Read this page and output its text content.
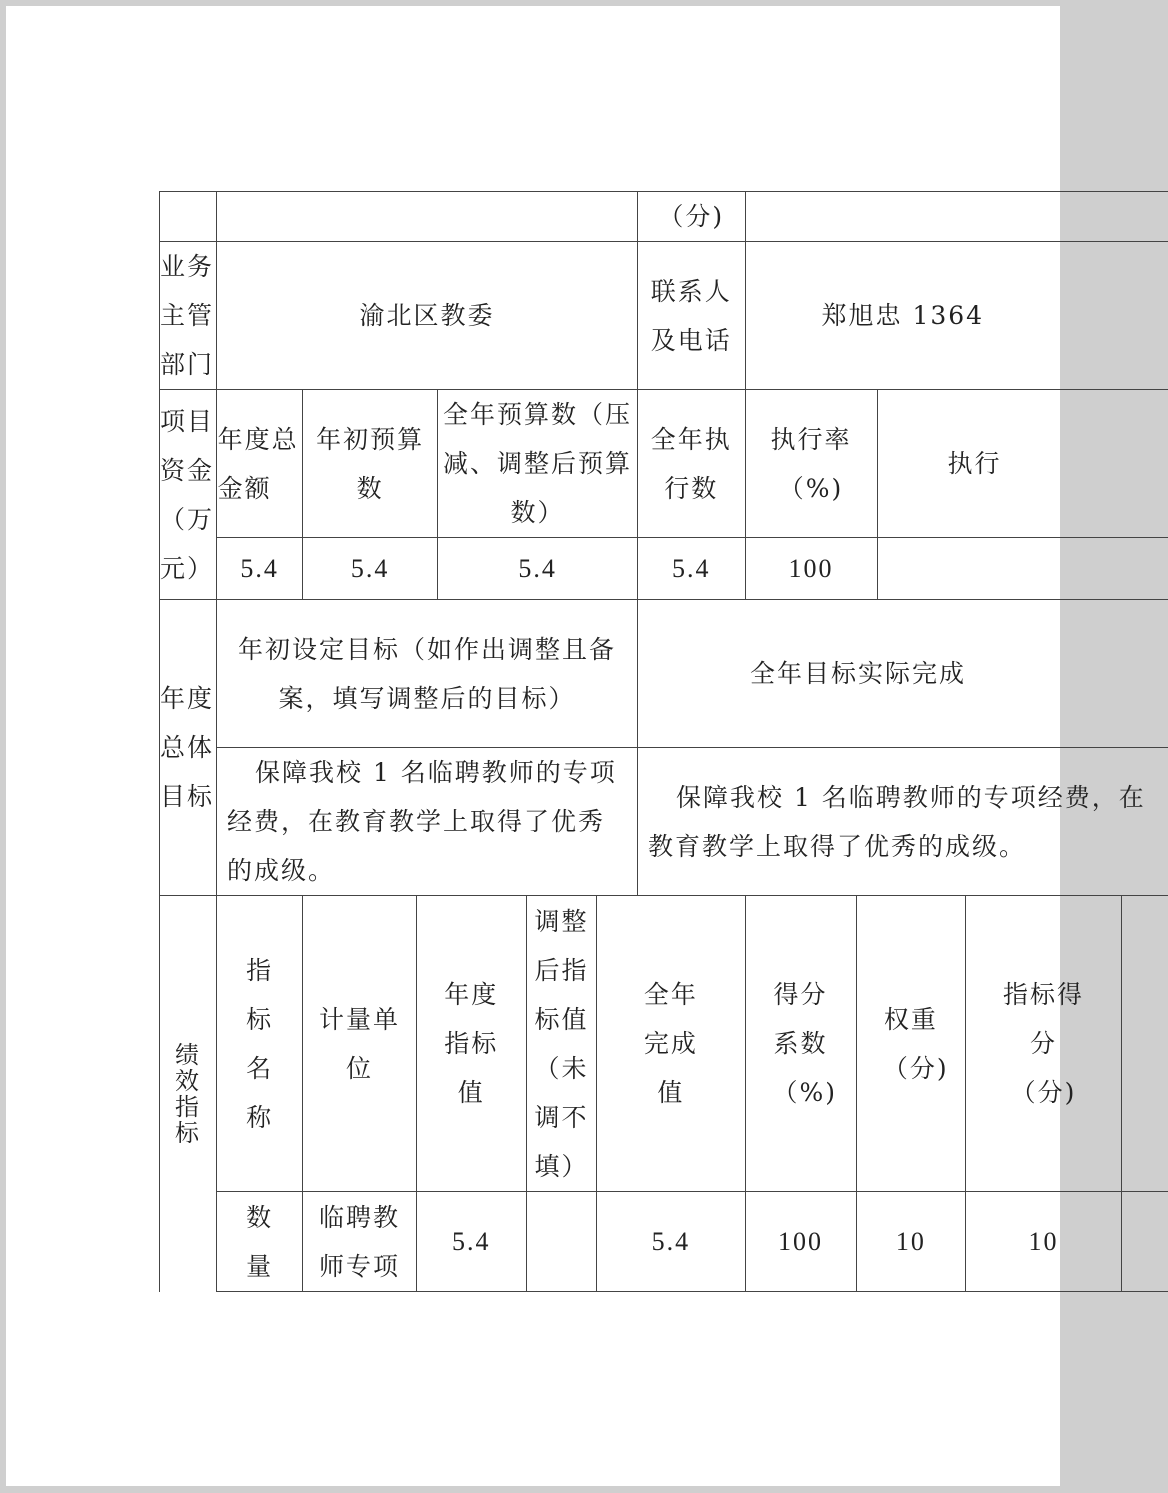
							（分)					

业务主管部门	渝北区教委						联系人及电话	郑旭忠 1364				

项目资金（万元）	年度总金额	年初预算数		全年预算数（压减、调整后预算数）			全年执行数	执行率（%)		执行		
	5.4	5.4		5.4			5.4	100				

年度总体目标	年初设定目标（如作出调整且备案，填写调整后的目标）						全年目标实际完成					

	保障我校 1 名临聘教师的专项经费，在教育教学上取得了优秀的成级。						保障我校 1 名临聘教师的专项经费，在教育教学上取得了优秀的成级。					

绩效指标	指标名称	计量单位	年度指标值		调整后指标值（未调不填）	全年完成值		得分系数（%)	权重（分)		指标得分（分)	

	数量	临聘教师专项	5.4			5.4		100	10		10	
